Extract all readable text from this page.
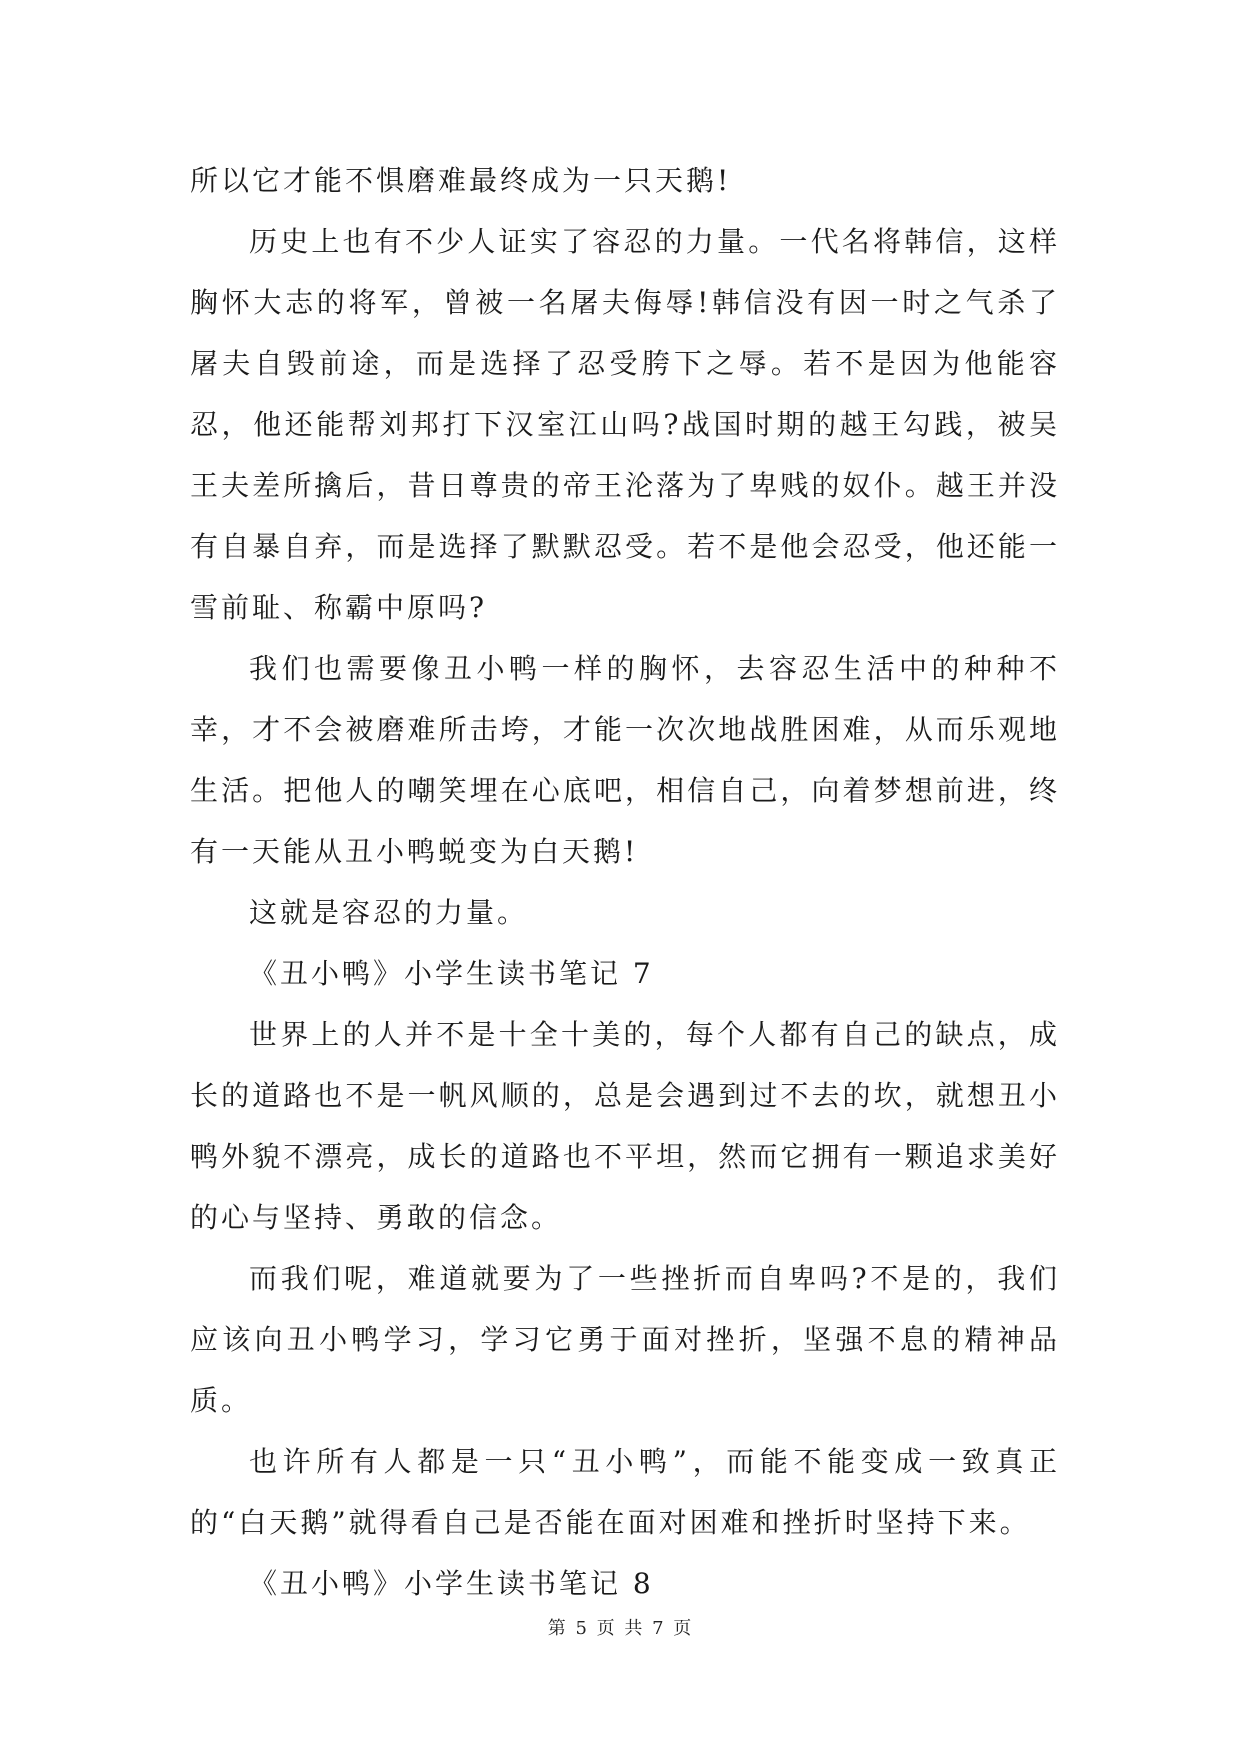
所以它才能不惧磨难最终成为一只天鹅!

历史上也有不少人证实了容忍的力量。一代名将韩信，这样胸怀大志的将军，曾被一名屠夫侮辱!韩信没有因一时之气杀了屠夫自毁前途，而是选择了忍受胯下之辱。若不是因为他能容忍，他还能帮刘邦打下汉室江山吗?战国时期的越王勾践，被吴王夫差所擒后，昔日尊贵的帝王沦落为了卑贱的奴仆。越王并没有自暴自弃，而是选择了默默忍受。若不是他会忍受，他还能一雪前耻、称霸中原吗?

我们也需要像丑小鸭一样的胸怀，去容忍生活中的种种不幸，才不会被磨难所击垮，才能一次次地战胜困难，从而乐观地生活。把他人的嘲笑埋在心底吧，相信自己，向着梦想前进，终有一天能从丑小鸭蜕变为白天鹅!

这就是容忍的力量。

《丑小鸭》小学生读书笔记 7

世界上的人并不是十全十美的，每个人都有自己的缺点，成长的道路也不是一帆风顺的，总是会遇到过不去的坎，就想丑小鸭外貌不漂亮，成长的道路也不平坦，然而它拥有一颗追求美好的心与坚持、勇敢的信念。

而我们呢，难道就要为了一些挫折而自卑吗?不是的，我们应该向丑小鸭学习，学习它勇于面对挫折，坚强不息的精神品质。

也许所有人都是一只“丑小鸭”，而能不能变成一致真正的“白天鹅”就得看自己是否能在面对困难和挫折时坚持下来。

《丑小鸭》小学生读书笔记 8

第 5 页 共 7 页
